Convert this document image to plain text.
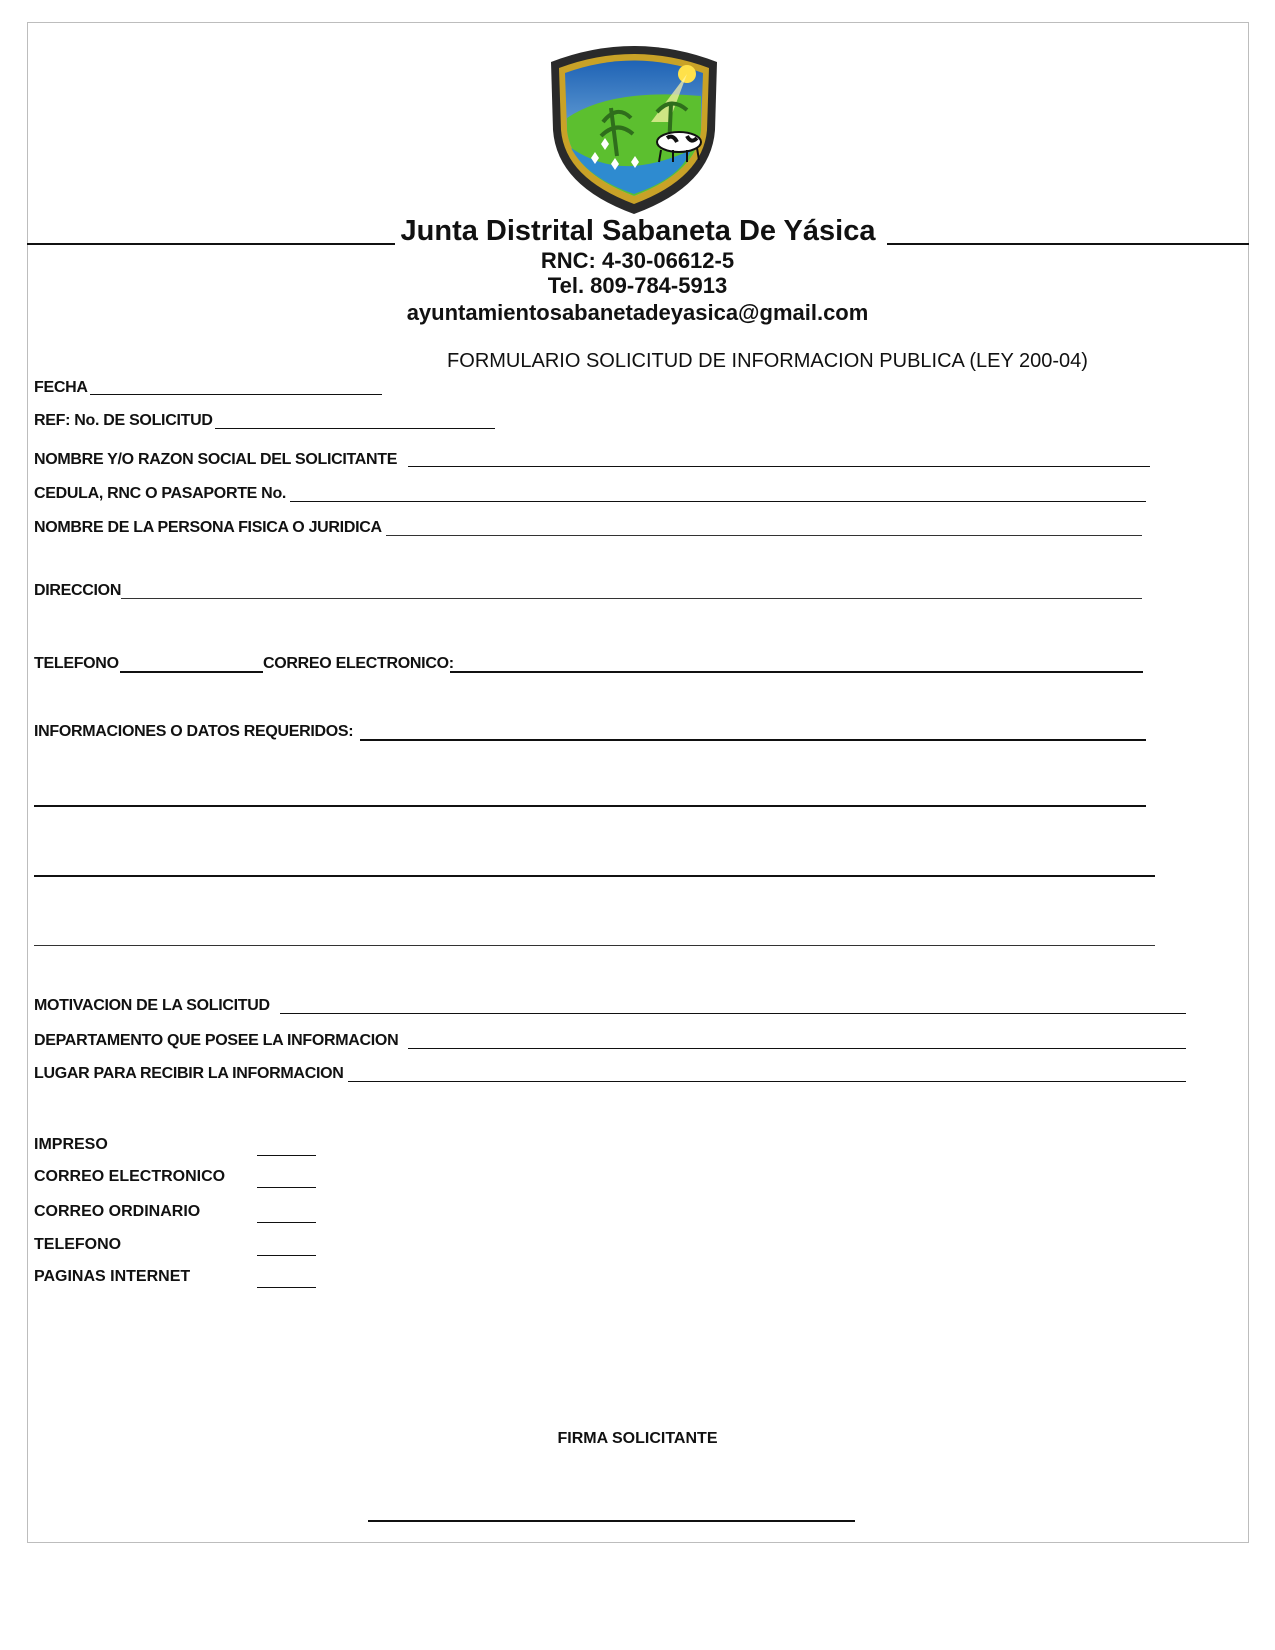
Junta Distrital Sabaneta De Yásica
RNC: 4-30-06612-5
Tel. 809-784-5913
ayuntamientosabanetadeyasica@gmail.com
FORMULARIO SOLICITUD DE INFORMACION PUBLICA (LEY 200-04)
FECHA
REF: No. DE SOLICITUD
NOMBRE Y/O RAZON SOCIAL DEL SOLICITANTE
CEDULA, RNC O PASAPORTE No.
NOMBRE DE LA PERSONA FISICA O JURIDICA
DIRECCION
TELEFONO	CORREO ELECTRONICO:
INFORMACIONES O DATOS REQUERIDOS:
MOTIVACION DE LA SOLICITUD
DEPARTAMENTO QUE POSEE LA INFORMACION
LUGAR PARA RECIBIR LA INFORMACION
IMPRESO
CORREO ELECTRONICO
CORREO ORDINARIO
TELEFONO
PAGINAS INTERNET
FIRMA SOLICITANTE
